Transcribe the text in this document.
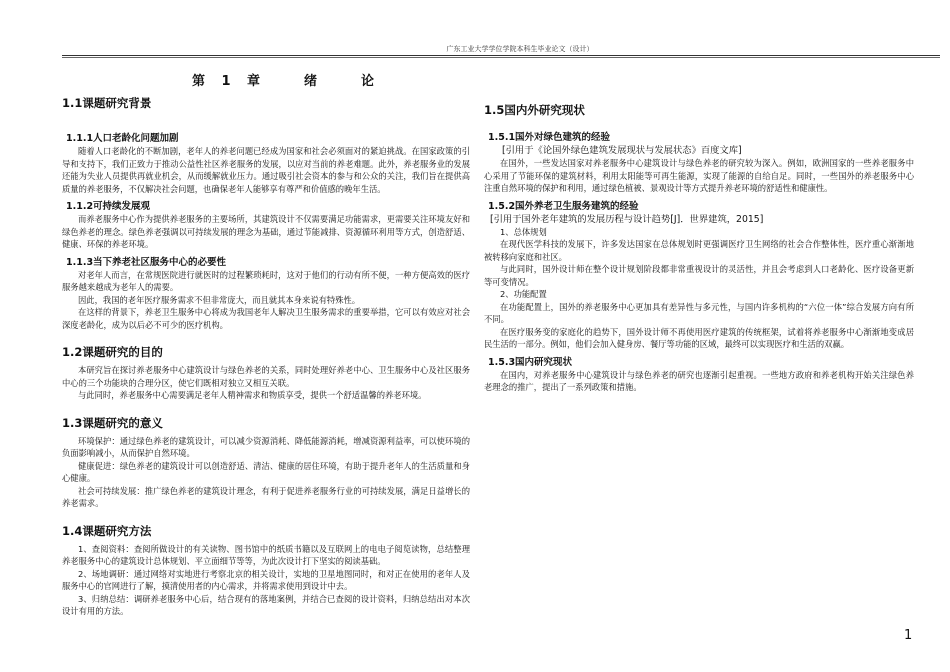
广东工业大学学位学院本科生毕业论文（设计）
第 1 章　　绪　　论
1.1课题研究背景
1.1.1人口老龄化问题加剧

随着人口老龄化的不断加剧，老年人的养老问题已经成为国家和社会必须面对的紧迫挑战。在国家政策的引导和支持下，我们正致力于推动公益性社区养老服务的发展，以应对当前的养老难题。此外，养老服务业的发展还能为失业人员提供再就业机会，从而缓解就业压力。通过吸引社会资本的参与和公众的关注，我们旨在提供高质量的养老服务，不仅解决社会问题，也确保老年人能够享有尊严和价值感的晚年生活。

1.1.2可持续发展观

而养老服务中心作为提供养老服务的主要场所，其建筑设计不仅需要满足功能需求，更需要关注环境友好和绿色养老的理念。绿色养老强调以可持续发展的理念为基础，通过节能减排、资源循环利用等方式，创造舒适、健康、环保的养老环境。

1.1.3当下养老社区服务中心的必要性

对老年人而言，在常规医院进行就医时的过程繁琐耗时，这对于他们的行动有所不便，一种方便高效的医疗服务越来越成为老年人的需要。

因此，我国的老年医疗服务需求不但非常庞大，而且就其本身来说有特殊性。

在这样的背景下，养老卫生服务中心将成为我国老年人解决卫生服务需求的重要举措，它可以有效应对社会深度老龄化，成为以后必不可少的医疗机构。

1.2课题研究的目的

本研究旨在探讨养老服务中心建筑设计与绿色养老的关系，同时处理好养老中心、卫生服务中心及社区服务中心的三个功能块的合理分区，使它们既相对独立又相互关联。

与此同时，养老服务中心需要满足老年人精神需求和物质享受，提供一个舒适温馨的养老环境。

1.3课题研究的意义

环境保护：通过绿色养老的建筑设计，可以减少资源消耗、降低能源消耗，增减资源利益率，可以使环境的负面影响减小，从而保护自然环境。

健康促进：绿色养老的建筑设计可以创造舒适、清洁、健康的居住环境，有助于提升老年人的生活质量和身心健康。

社会可持续发展：推广绿色养老的建筑设计理念，有利于促进养老服务行业的可持续发展，满足日益增长的养老需求。

1.4课题研究方法

1、查阅资料：查阅所做设计的有关读物、图书馆中的纸质书籍以及互联网上的电电子阅览读物，总结整理养老服务中心的建筑设计总体规划、平立面细节等等，为此次设计打下坚实的阅读基础。

2、场地调研：通过网络对实地进行考察北京的相关设计，实地的卫星地图同时，和对正在使用的老年人及服务中心的官网进行了解，摸清使用者的内心需求，并将需求使用到设计中去。

3、归纳总结：调研养老服务中心后，结合现有的落地案例，并结合已查阅的设计资料，归纳总结出对本次设计有用的方法。

1.5国内外研究现状
1.5.1国外对绿色建筑的经验

[引用于《论国外绿色建筑发展现状与发展状态》百度文库]

在国外，一些发达国家对养老服务中心建筑设计与绿色养老的研究较为深入。例如，欧洲国家的一些养老服务中心采用了节能环保的建筑材料，利用太阳能等可再生能源，实现了能源的自给自足。同时，一些国外的养老服务中心注重自然环境的保护和利用，通过绿色植被、景观设计等方式提升养老环境的舒适性和健康性。

1.5.2国外养老卫生服务建筑的经验

[引用于国外老年建筑的发展历程与设计趋势[J]．世界建筑，2015]

1、总体规划

在现代医学科技的发展下，许多发达国家在总体规划时更强调医疗卫生网络的社会合作整体性，医疗重心渐渐地被转移向家庭和社区。

与此同时，国外设计师在整个设计规划阶段都非常重视设计的灵活性，并且会考虑到人口老龄化、医疗设备更新等可变情况。

2、功能配置

在功能配置上，国外的养老服务中心更加具有差异性与多元性，与国内许多机构的“六位一体”综合发展方向有所不同。

在医疗服务变的家庭化的趋势下，国外设计师不再使用医疗建筑的传统框架，试着将养老服务中心渐渐地变成居民生活的一部分。例如，他们会加入健身房、餐厅等功能的区域，最终可以实现医疗和生活的双赢。

1.5.3国内研究现状

在国内，对养老服务中心建筑设计与绿色养老的研究也逐渐引起重视。一些地方政府和养老机构开始关注绿色养老理念的推广，提出了一系列政策和措施。

1
